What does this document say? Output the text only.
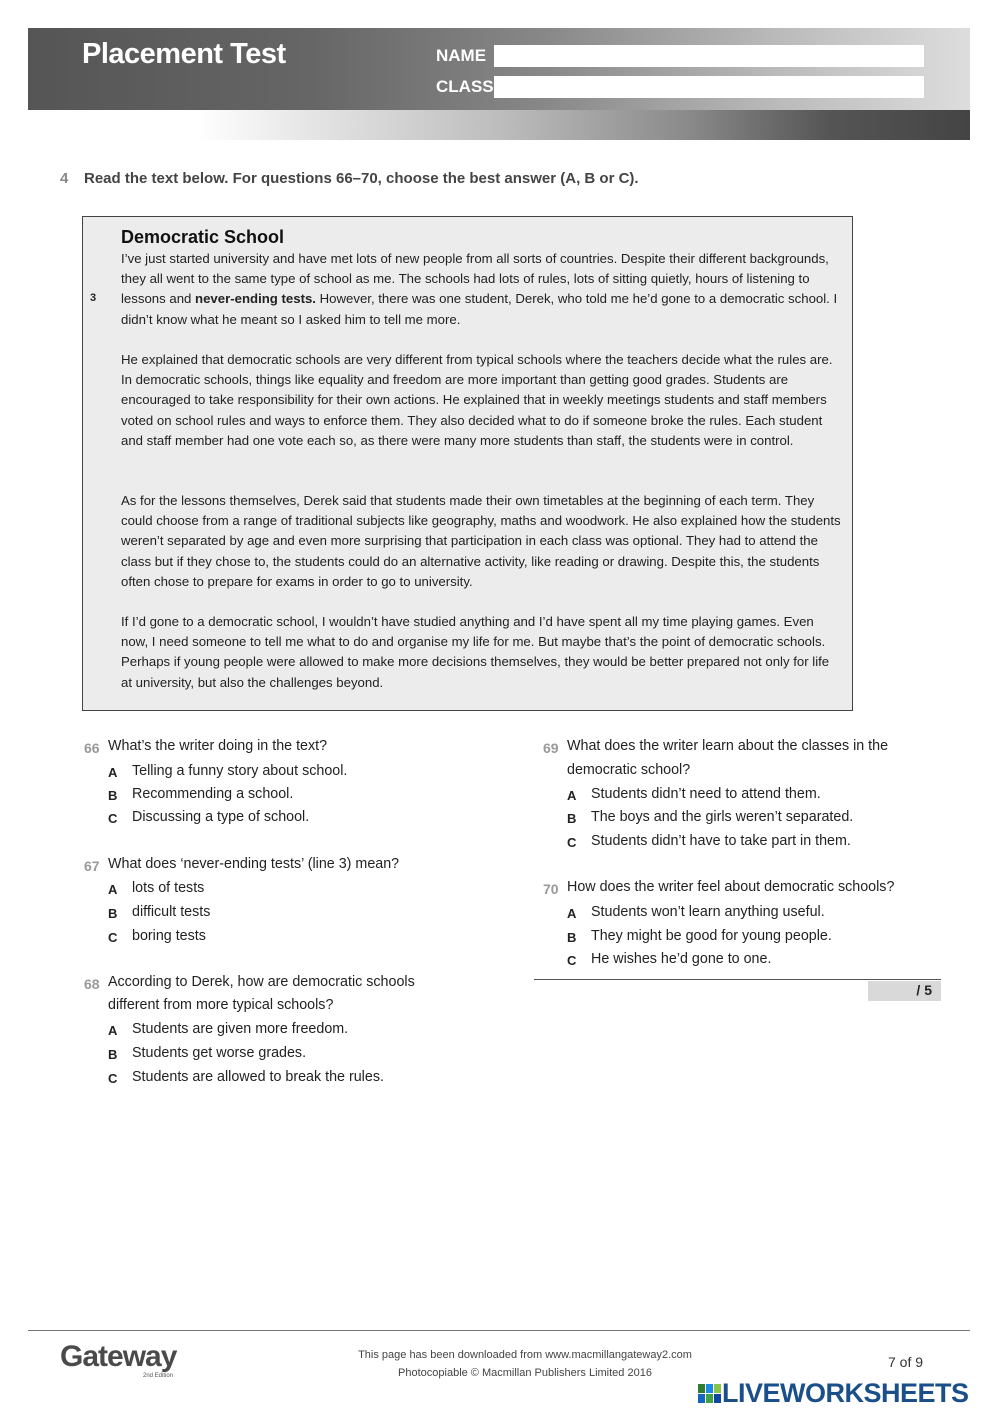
Placement Test	NAME
CLASS
4 Read the text below. For questions 66–70, choose the best answer (A, B or C).
Democratic School
3
I’ve just started university and have met lots of new people from all sorts of countries. Despite their different backgrounds, they all went to the same type of school as me. The schools had lots of rules, lots of sitting quietly, hours of listening to lessons and never-ending tests. However, there was one student, Derek, who told me he’d gone to a democratic school. I didn’t know what he meant so I asked him to tell me more.
He explained that democratic schools are very different from typical schools where the teachers decide what the rules are. In democratic schools, things like equality and freedom are more important than getting good grades. Students are encouraged to take responsibility for their own actions. He explained that in weekly meetings students and staff members voted on school rules and ways to enforce them. They also decided what to do if someone broke the rules. Each student and staff member had one vote each so, as there were many more students than staff, the students were in control.
As for the lessons themselves, Derek said that students made their own timetables at the beginning of each term. They could choose from a range of traditional subjects like geography, maths and woodwork. He also explained how the students weren’t separated by age and even more surprising that participation in each class was optional. They had to attend the class but if they chose to, the students could do an alternative activity, like reading or drawing. Despite this, the students often chose to prepare for exams in order to go to university.
If I’d gone to a democratic school, I wouldn’t have studied anything and I’d have spent all my time playing games. Even now, I need someone to tell me what to do and organise my life for me. But maybe that’s the point of democratic schools. Perhaps if young people were allowed to make more decisions themselves, they would be better prepared not only for life at university, but also the challenges beyond.
66 What’s the writer doing in the text?
A Telling a funny story about school.
B Recommending a school.
C Discussing a type of school.
67 What does ‘never-ending tests’ (line 3) mean?
A lots of tests
B difficult tests
C boring tests
68 According to Derek, how are democratic schools
different from more typical schools?
A Students are given more freedom.
B Students get worse grades.
C Students are allowed to break the rules.
69 What does the writer learn about the classes in the
democratic school?
A Students didn’t need to attend them.
B The boys and the girls weren’t separated.
C Students didn’t have to take part in them.
70 How does the writer feel about democratic schools?
A Students won’t learn anything useful.
B They might be good for young people.
C He wishes he’d gone to one.
/ 5
Gateway
2nd Edition
This page has been downloaded from www.macmillangateway2.com
Photocopiable © Macmillan Publishers Limited 2016
7 of 9
LIVEWORKSHEETS
